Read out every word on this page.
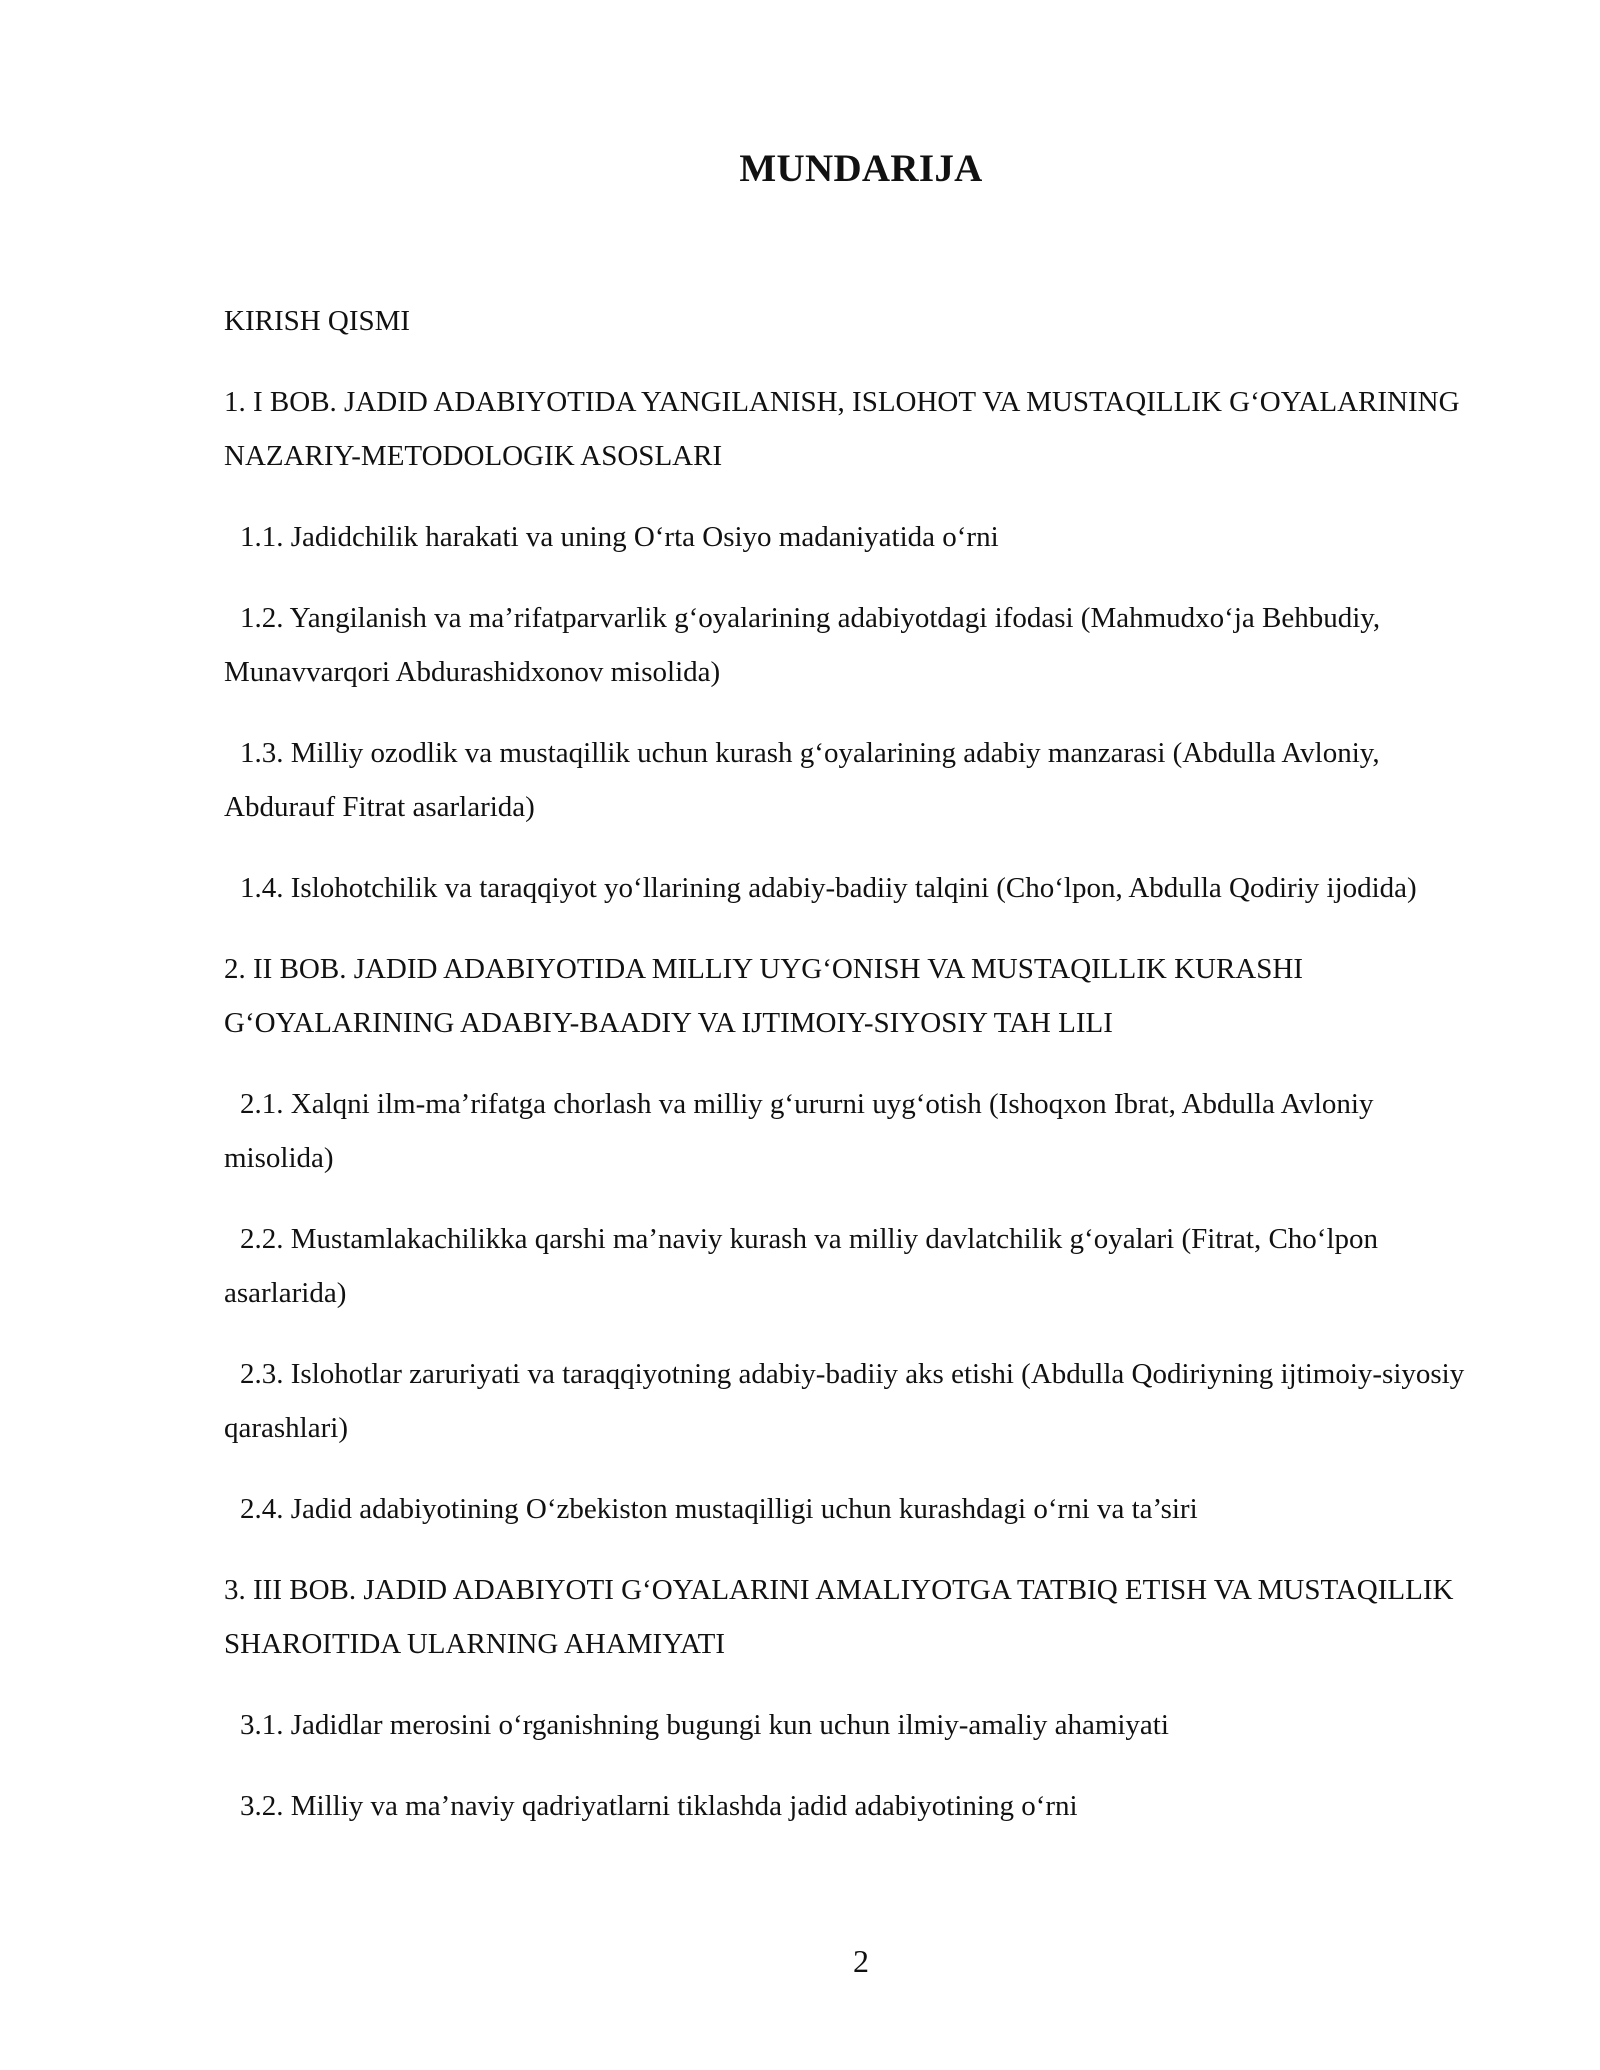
MUNDARIJA
KIRISH QISMI
1. I BOB. JADID ADABIYOTIDA YANGILANISH, ISLOHOT VA MUSTAQILLIK G‘OYALARINING NAZARIY-METODOLOGIK ASOSLARI
1.1. Jadidchilik harakati va uning O‘rta Osiyo madaniyatida o‘rni
1.2. Yangilanish va ma’rifatparvarlik g‘oyalarining adabiyotdagi ifodasi (Mahmudxo‘ja Behbudiy, Munavvarqori Abdurashidxonov misolida)
1.3. Milliy ozodlik va mustaqillik uchun kurash g‘oyalarining adabiy manzarasi (Abdulla Avloniy, Abdurauf Fitrat asarlarida)
1.4. Islohotchilik va taraqqiyot yo‘llarining adabiy-badiiy talqini (Cho‘lpon, Abdulla Qodiriy ijodida)
2. II BOB. JADID ADABIYOTIDA MILLIY UYG‘ONISH VA MUSTAQILLIK KURASHI G‘OYALARINING ADABIY-BAADIY VA IJTIMOIY-SIYOSIY TAH LILI
2.1. Xalqni ilm-ma’rifatga chorlash va milliy g‘ururni uyg‘otish (Ishoqxon Ibrat, Abdulla Avloniy misolida)
2.2. Mustamlakachilikka qarshi ma’naviy kurash va milliy davlatchilik g‘oyalari (Fitrat, Cho‘lpon asarlarida)
2.3. Islohotlar zaruriyati va taraqqiyotning adabiy-badiiy aks etishi (Abdulla Qodiriyning ijtimoiy-siyosiy qarashlari)
2.4. Jadid adabiyotining O‘zbekiston mustaqilligi uchun kurashdagi o‘rni va ta’siri
3. III BOB. JADID ADABIYOTI G‘OYALARINI AMALIYOTGA TATBIQ ETISH VA MUSTAQILLIK SHAROITIDA ULARNING AHAMIYATI
3.1. Jadidlar merosini o‘rganishning bugungi kun uchun ilmiy-amaliy ahamiyati
3.2. Milliy va ma’naviy qadriyatlarni tiklashda jadid adabiyotining o‘rni
2
